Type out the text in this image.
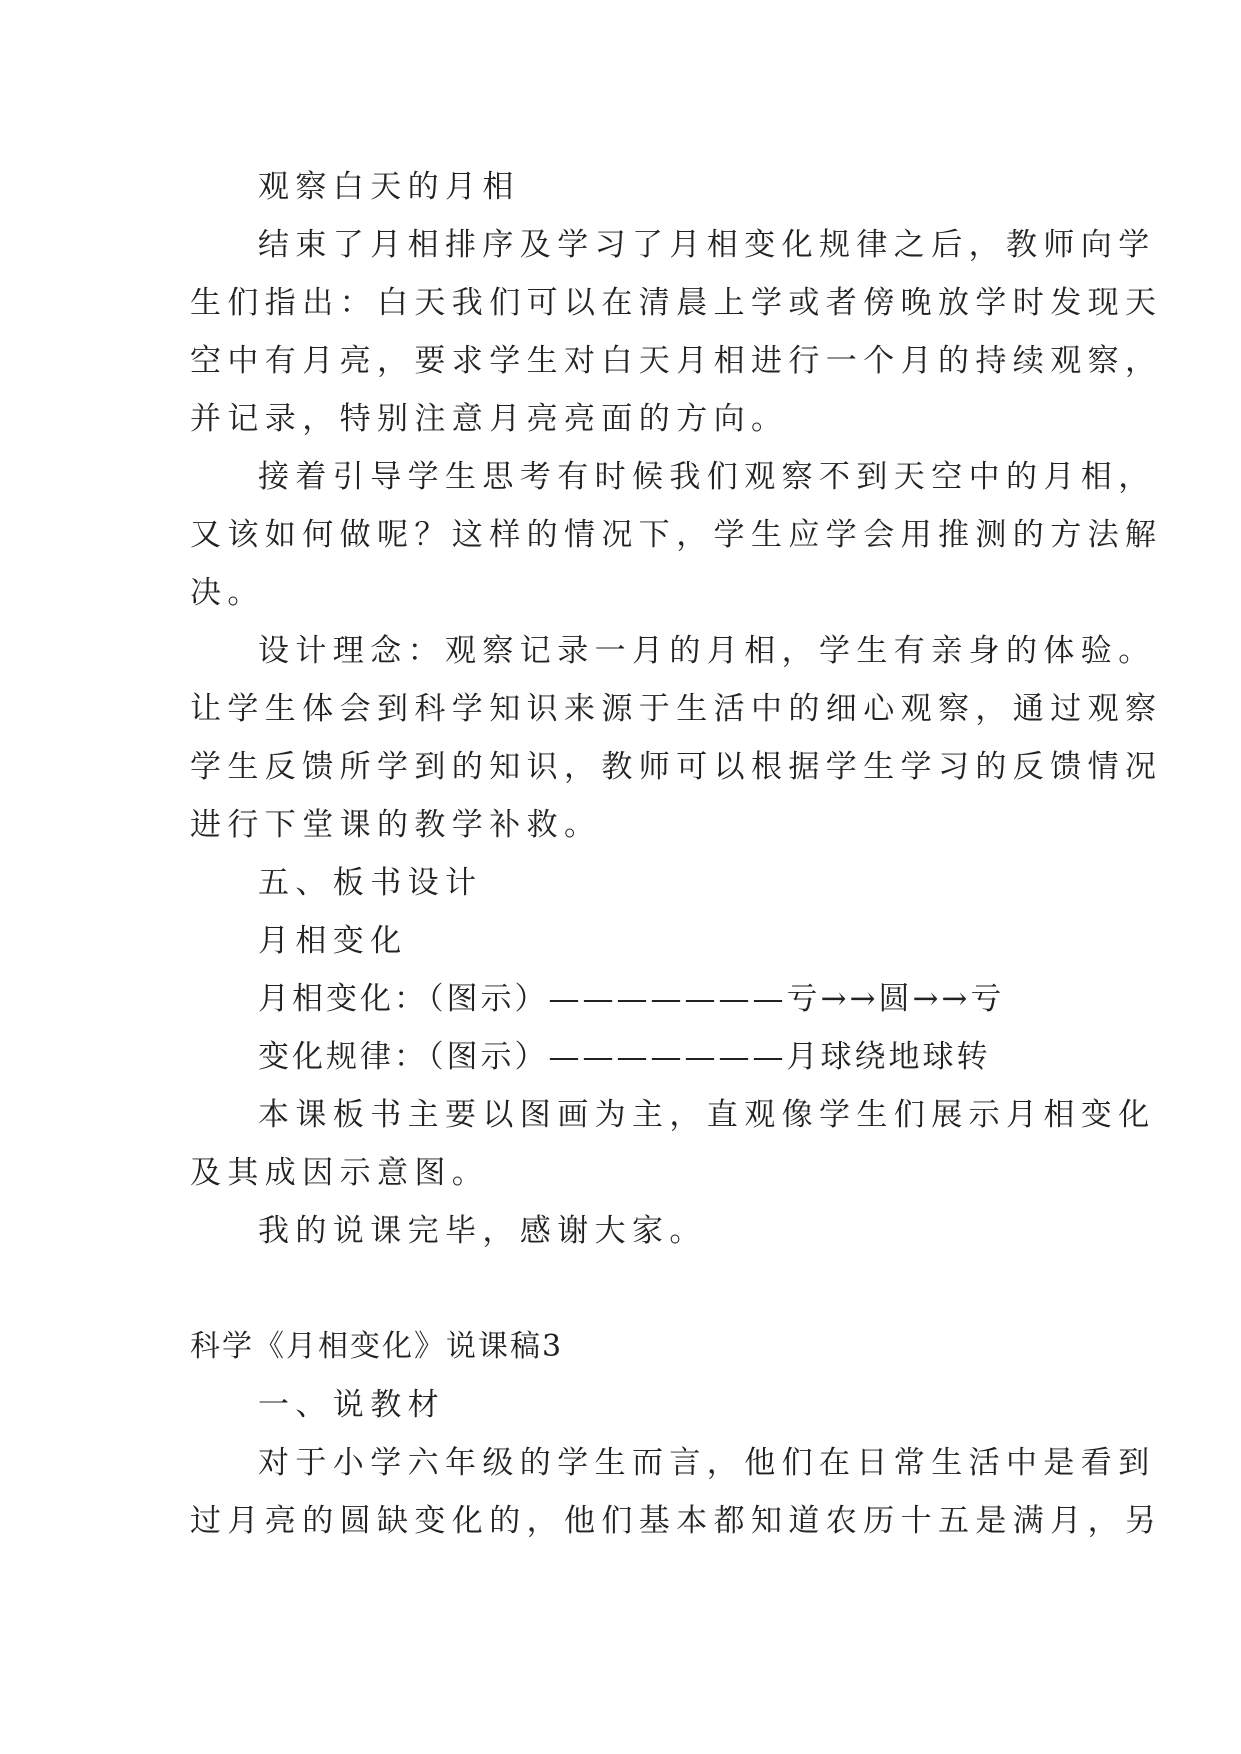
观察白天的月相
结束了月相排序及学习了月相变化规律之后，教师向学
生们指出：白天我们可以在清晨上学或者傍晚放学时发现天
空中有月亮，要求学生对白天月相进行一个月的持续观察，
并记录，特别注意月亮亮面的方向。
接着引导学生思考有时候我们观察不到天空中的月相，
又该如何做呢？这样的情况下，学生应学会用推测的方法解
决。
设计理念：观察记录一月的月相，学生有亲身的体验。
让学生体会到科学知识来源于生活中的细心观察，通过观察
学生反馈所学到的知识，教师可以根据学生学习的反馈情况
进行下堂课的教学补救。
五、板书设计
月相变化
月相变化：（图示）———————亏→→圆→→亏
变化规律：（图示）———————月球绕地球转
本课板书主要以图画为主，直观像学生们展示月相变化
及其成因示意图。
我的说课完毕，感谢大家。
科学《月相变化》说课稿3
一、说教材
对于小学六年级的学生而言，他们在日常生活中是看到
过月亮的圆缺变化的，他们基本都知道农历十五是满月，另
